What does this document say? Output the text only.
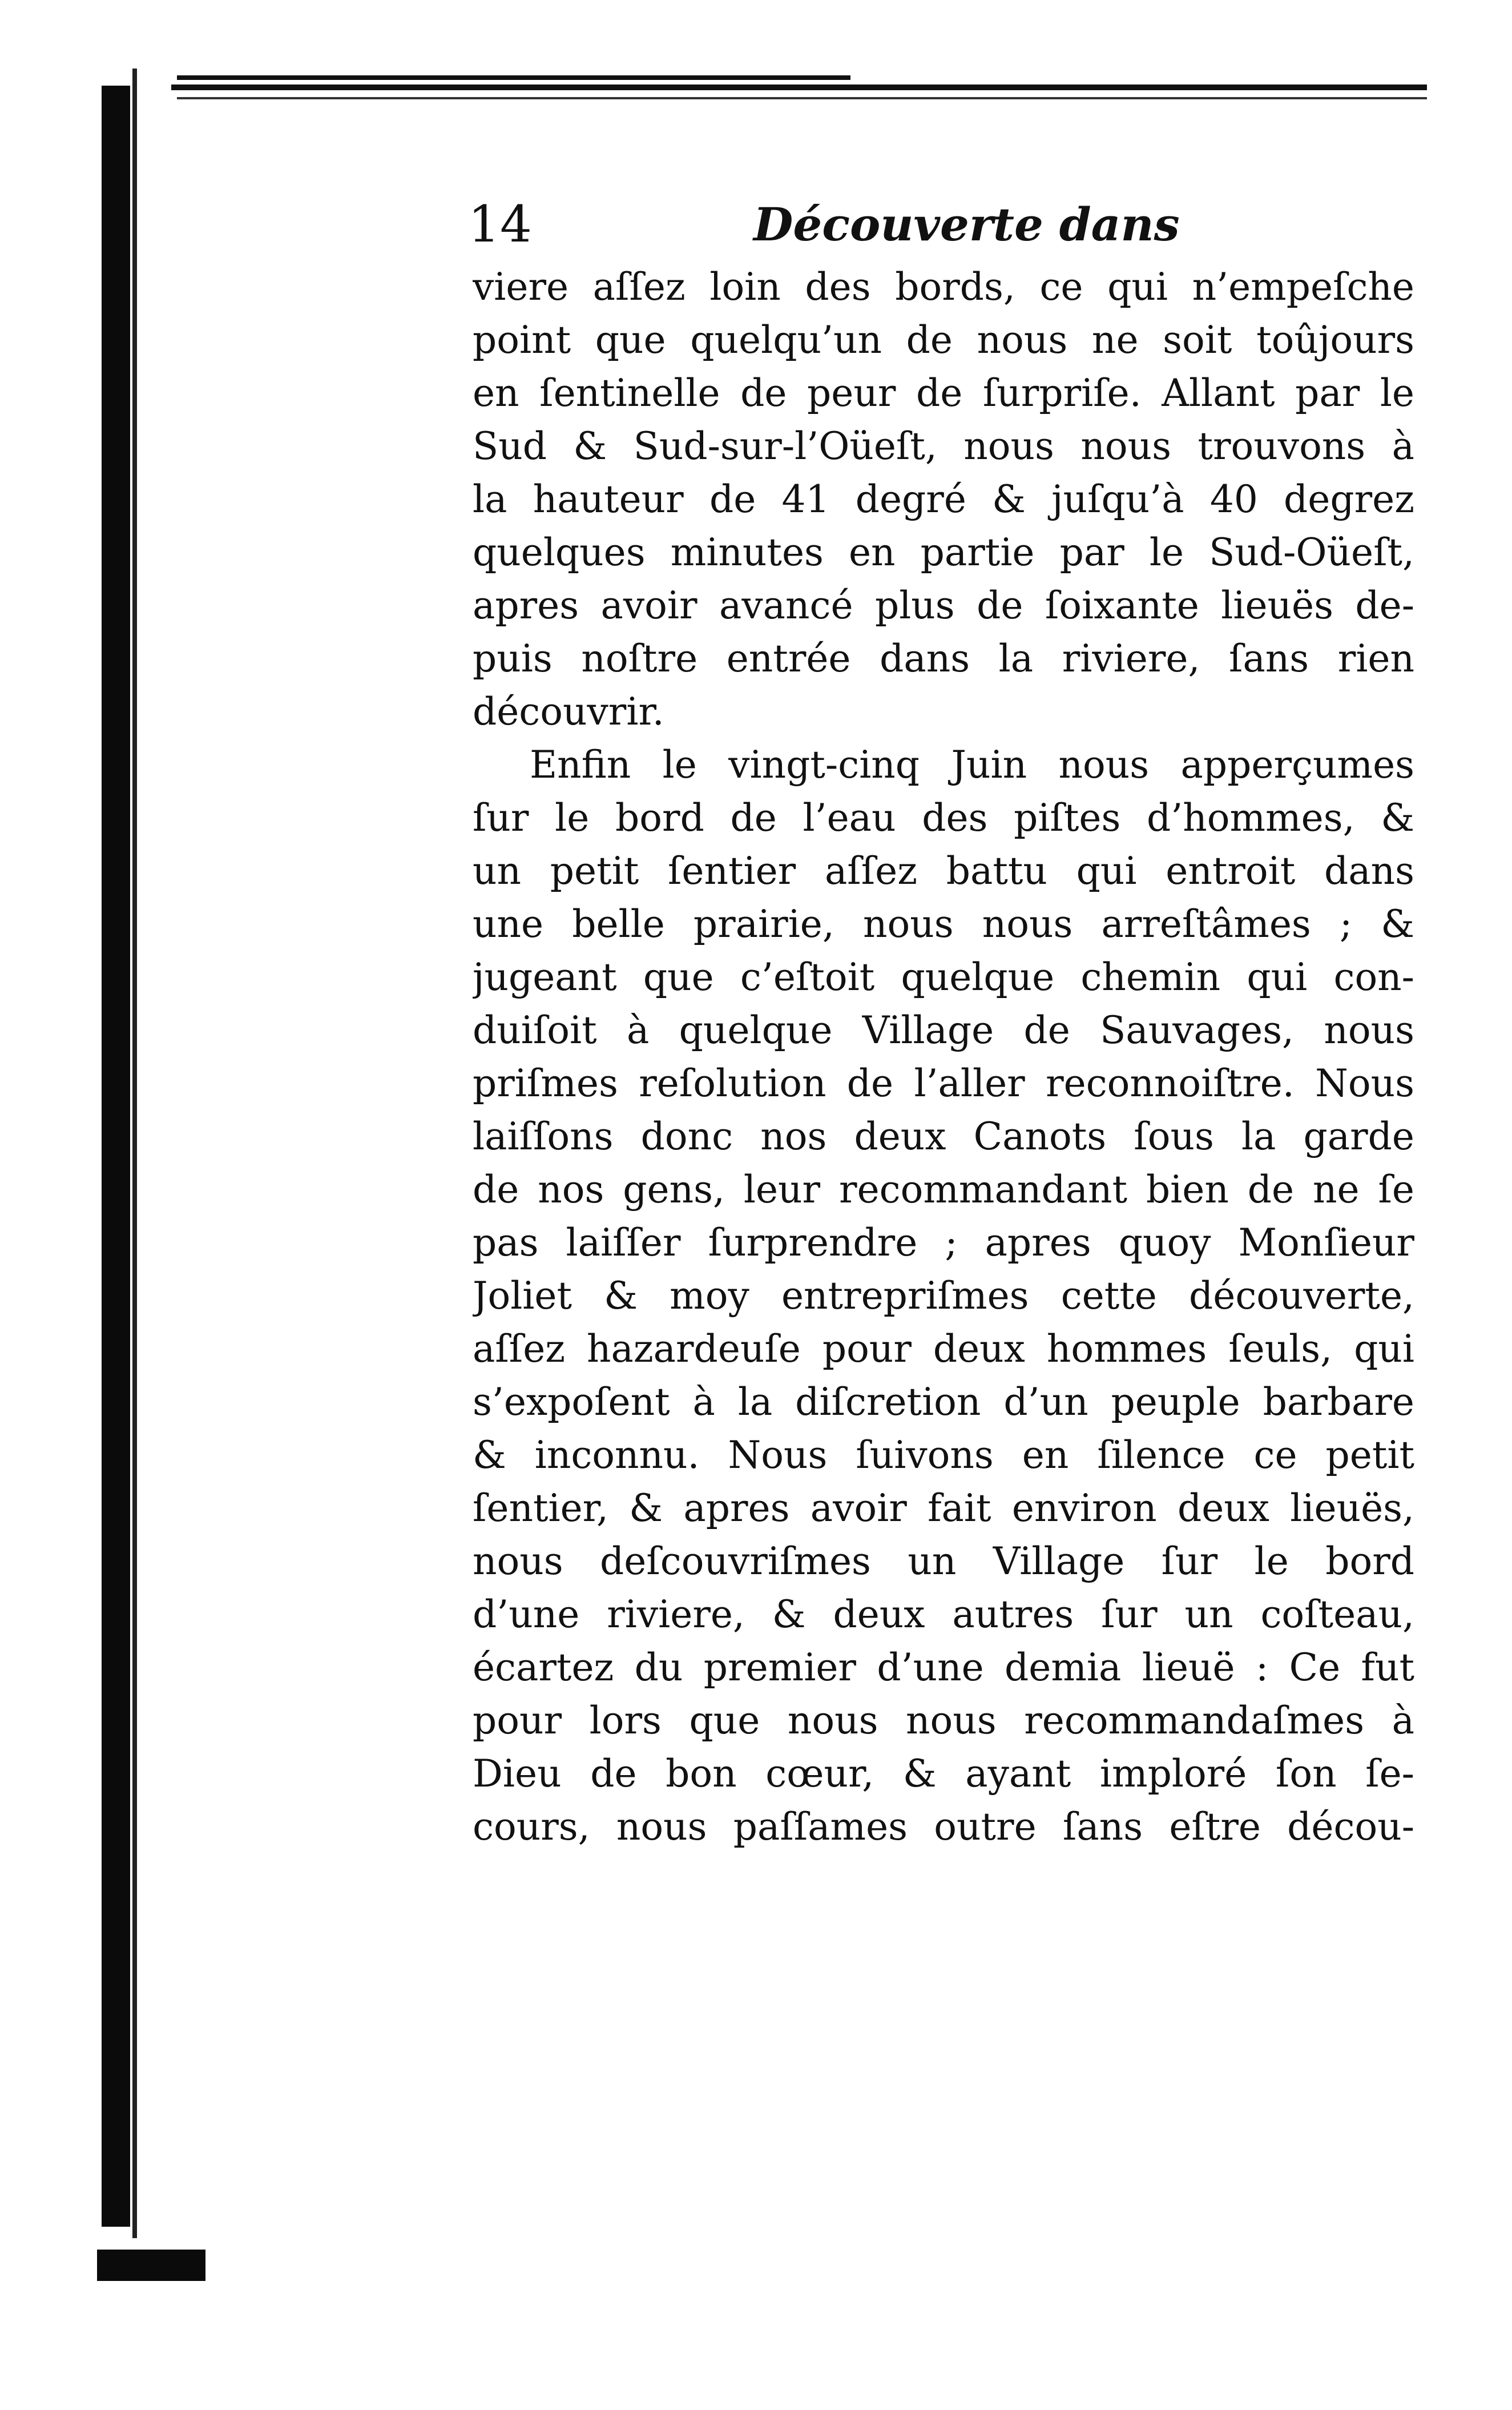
14	Découverte dans
viere aſſez loin des bords, ce qui n’empeſche
point que quelqu’un de nous ne soit toûjours
en ſentinelle de peur de ſurpriſe. Allant par le
Sud & Sud-sur-l’Oüeſt, nous nous trouvons à
la hauteur de 41 degré & juſqu’à 40 degrez
quelques minutes en partie par le Sud-Oüeſt,
apres avoir avancé plus de ſoixante lieuës de-
puis noſtre entrée dans la riviere, ſans rien
découvrir.
Enfin le vingt-cinq Juin nous apperçumes
ſur le bord de l’eau des piſtes d’hommes, &
un petit ſentier aſſez battu qui entroit dans
une belle prairie, nous nous arreſtâmes ; &
jugeant que c’eſtoit quelque chemin qui con-
duiſoit à quelque Village de Sauvages, nous
priſmes reſolution de l’aller reconnoiſtre. Nous
laiſſons donc nos deux Canots ſous la garde
de nos gens, leur recommandant bien de ne ſe
pas laiſſer ſurprendre ; apres quoy Monſieur
Joliet & moy entrepriſmes cette découverte,
aſſez hazardeuſe pour deux hommes ſeuls, qui
s’expoſent à la diſcretion d’un peuple barbare
& inconnu. Nous ſuivons en ſilence ce petit
ſentier, & apres avoir fait environ deux lieuës,
nous deſcouvriſmes un Village ſur le bord
d’une riviere, & deux autres ſur un coſteau,
écartez du premier d’une demia lieuë : Ce fut
pour lors que nous nous recommandaſmes à
Dieu de bon cœur, & ayant imploré ſon ſe-
cours, nous paſſames outre ſans eſtre décou-
